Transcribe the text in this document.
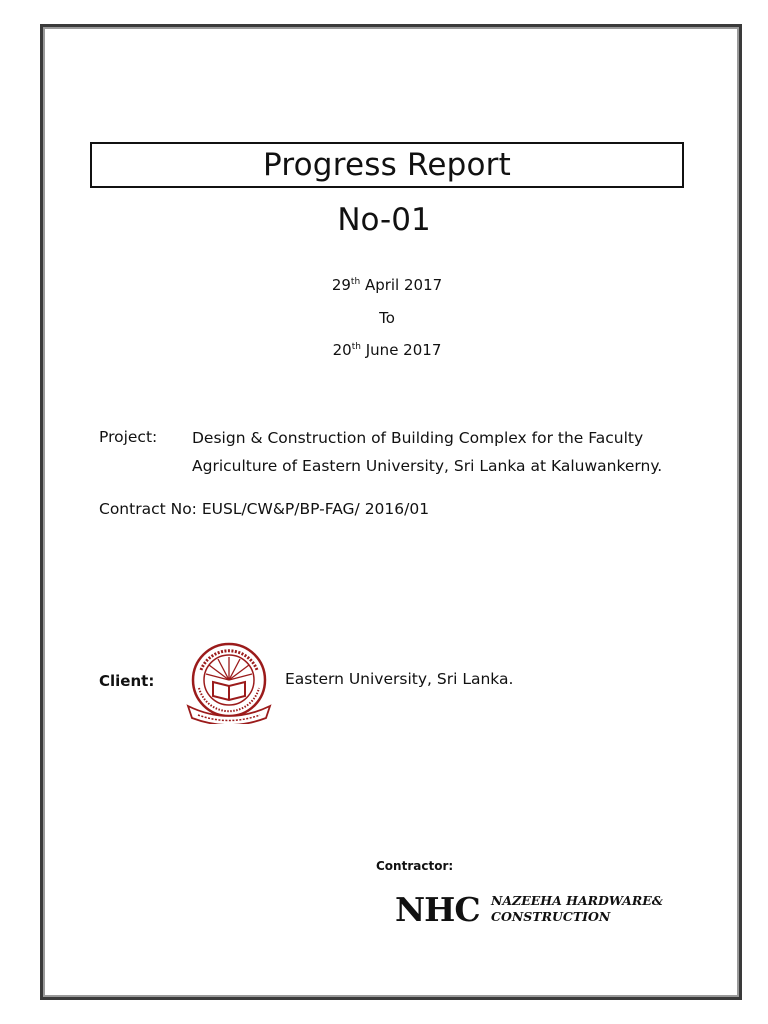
Progress Report
No-01
29th April 2017
To
20th June 2017
Project: Design & Construction of Building Complex for the Faculty
Agriculture of Eastern University, Sri Lanka at Kaluwankerny.
Contract No: EUSL/CW&P/BP-FAG/ 2016/01
Client:	Eastern University, Sri Lanka.
Contractor:
NHC NAZEEHA HARDWARE&
CONSTRUCTION
